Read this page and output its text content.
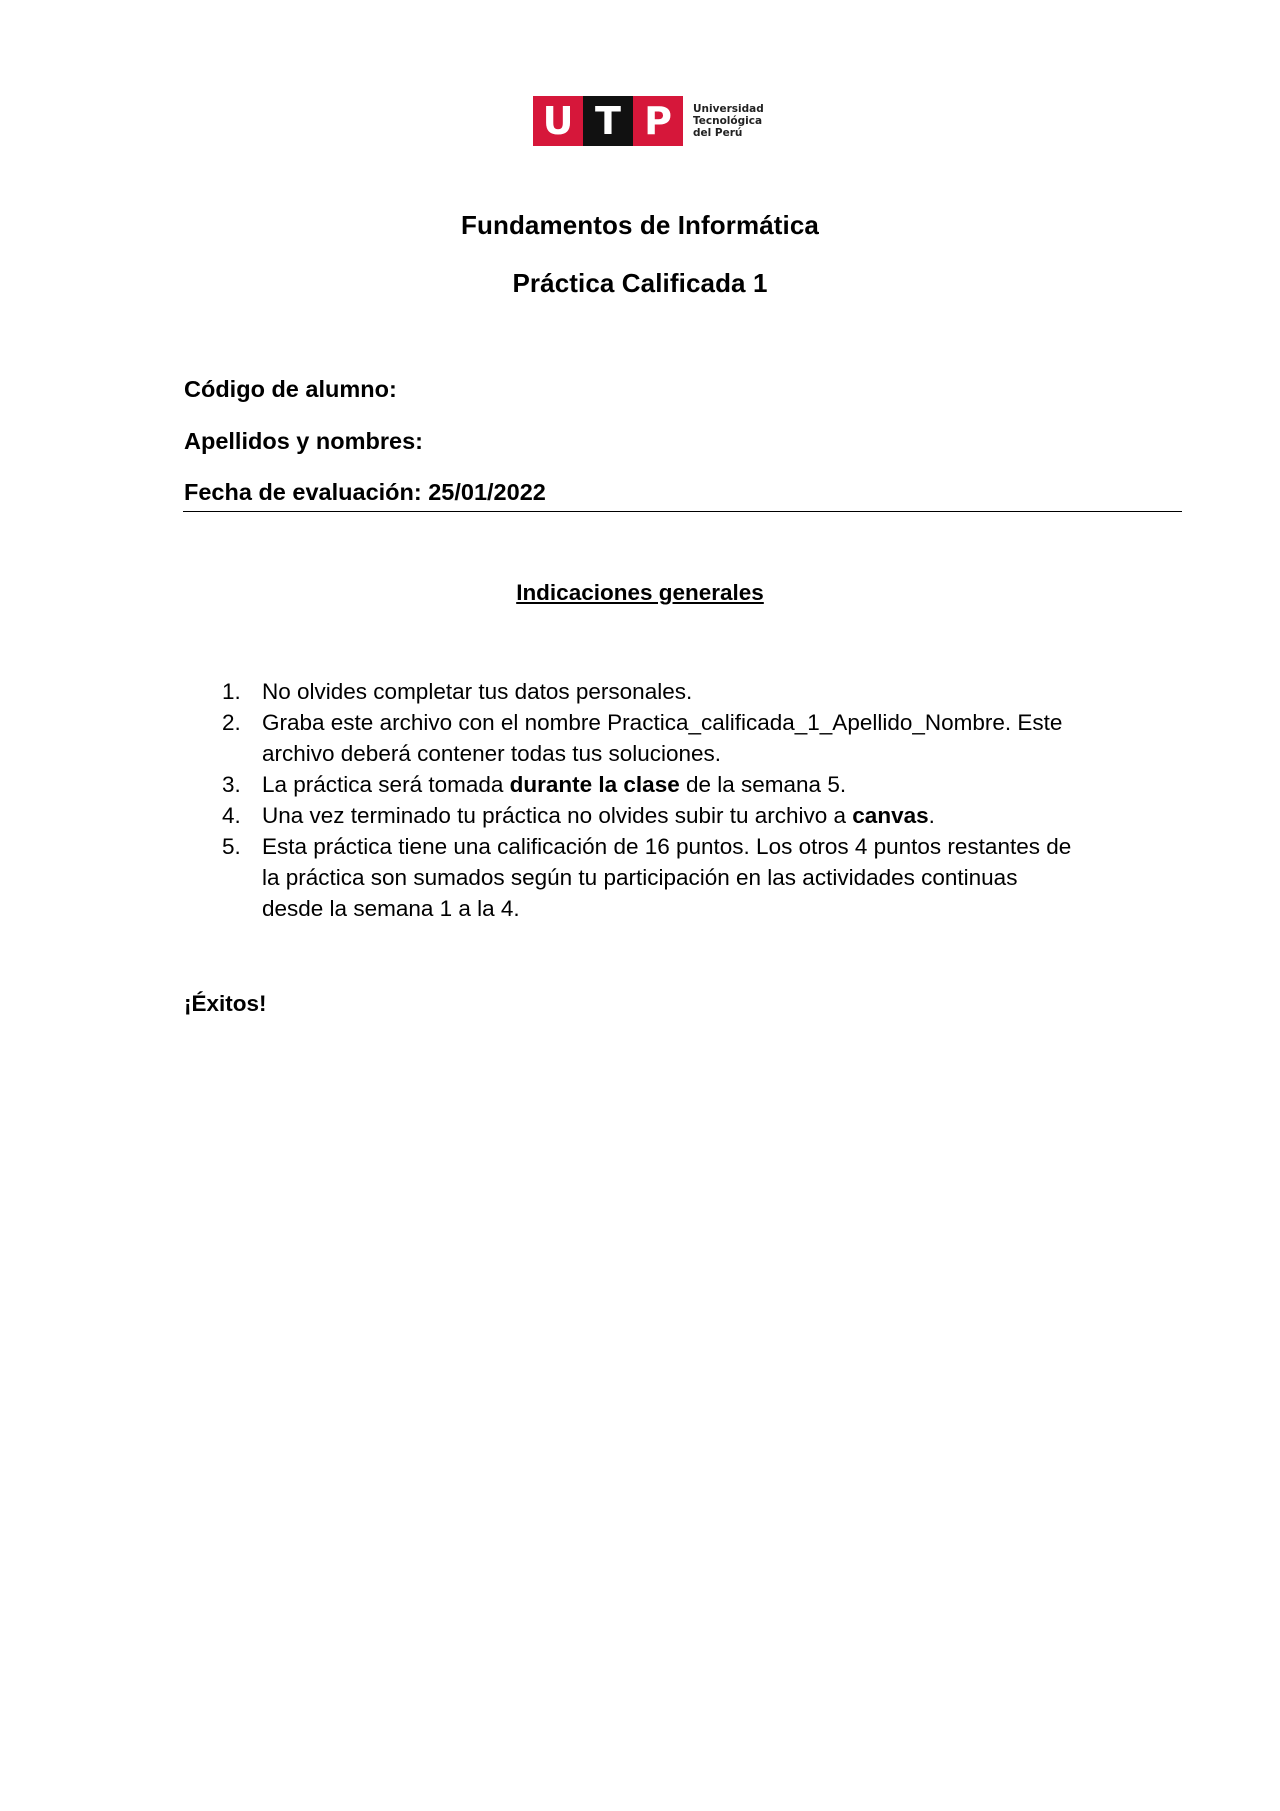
U T P	Universidad
Tecnológica
del Perú
Fundamentos de Informática
Práctica Calificada 1
Código de alumno:
Apellidos y nombres:
Fecha de evaluación: 25/01/2022
Indicaciones generales
1. No olvides completar tus datos personales.
2. Graba este archivo con el nombre Practica_calificada_1_Apellido_Nombre. Este archivo deberá contener todas tus soluciones.
3. La práctica será tomada durante la clase de la semana 5.
4. Una vez terminado tu práctica no olvides subir tu archivo a canvas.
5. Esta práctica tiene una calificación de 16 puntos. Los otros 4 puntos restantes de la práctica son sumados según tu participación en las actividades continuas desde la semana 1 a la 4.
¡Éxitos!
